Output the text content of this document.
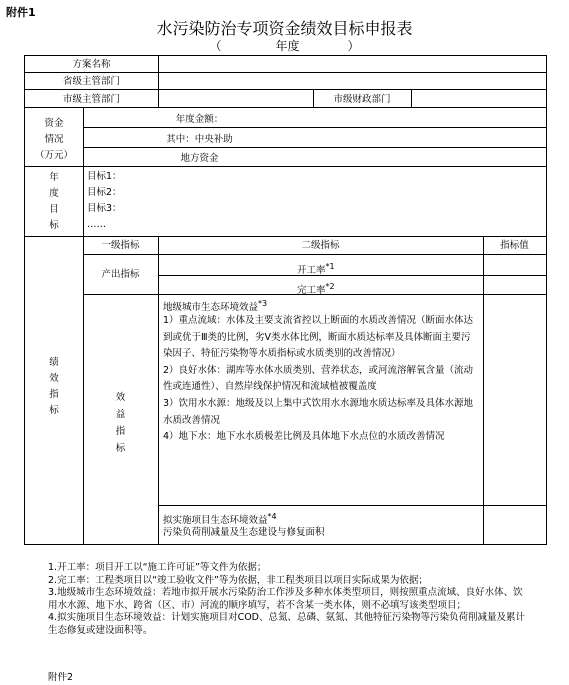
附件1
水污染防治专项资金绩效目标申报表
（	年度	）
方案名称
省级主管部门
市级主管部门	市级财政部门
资金
情况
（万元）
年度金额：
其中：中央补助
地方资金
年
度
目
标
目标1：
目标2：
目标3：
……
一级指标	二级指标	指标值
绩
效
指
标
产出指标	开工率$^{*1}$
完工率$^{*2}$
效
益
指
标
地级城市生态环境效益$^{*3}$
1）重点流域：水体及主要支流省控以上断面的水质改善情况（断面水体达到或优于Ⅲ类的比例，劣Ⅴ类水体比例，断面水质达标率及具体断面主要污染因子、特征污染物等水质指标或水质类别的改善情况）
2）良好水体：湖库等水体水质类别、营养状态，或河流溶解氧含量（流动性或连通性）、自然岸线保护情况和流域植被覆盖度
3）饮用水水源：地级及以上集中式饮用水水源地水质达标率及具体水源地水质改善情况
4）地下水：地下水水质极差比例及具体地下水点位的水质改善情况
拟实施项目生态环境效益$^{*4}$
污染负荷削减量及生态建设与修复面积

1.开工率：项目开工以“施工许可证”等文件为依据；

2.完工率：工程类项目以“竣工验收文件”等为依据，非工程类项目以项目实际成果为依据；

3.地级城市生态环境效益：若地市拟开展水污染防治工作涉及多种水体类型项目，则按照重点流域、良好水体、饮用水水源、地下水、跨省（区、市）河流的顺序填写，若不含某一类水体，则不必填写该类型项目；

4.拟实施项目生态环境效益：计划实施项目对COD、总氮、总磷、氨氮、其他特征污染物等污染负荷削减量及累计生态修复或建设面积等。

附件2
